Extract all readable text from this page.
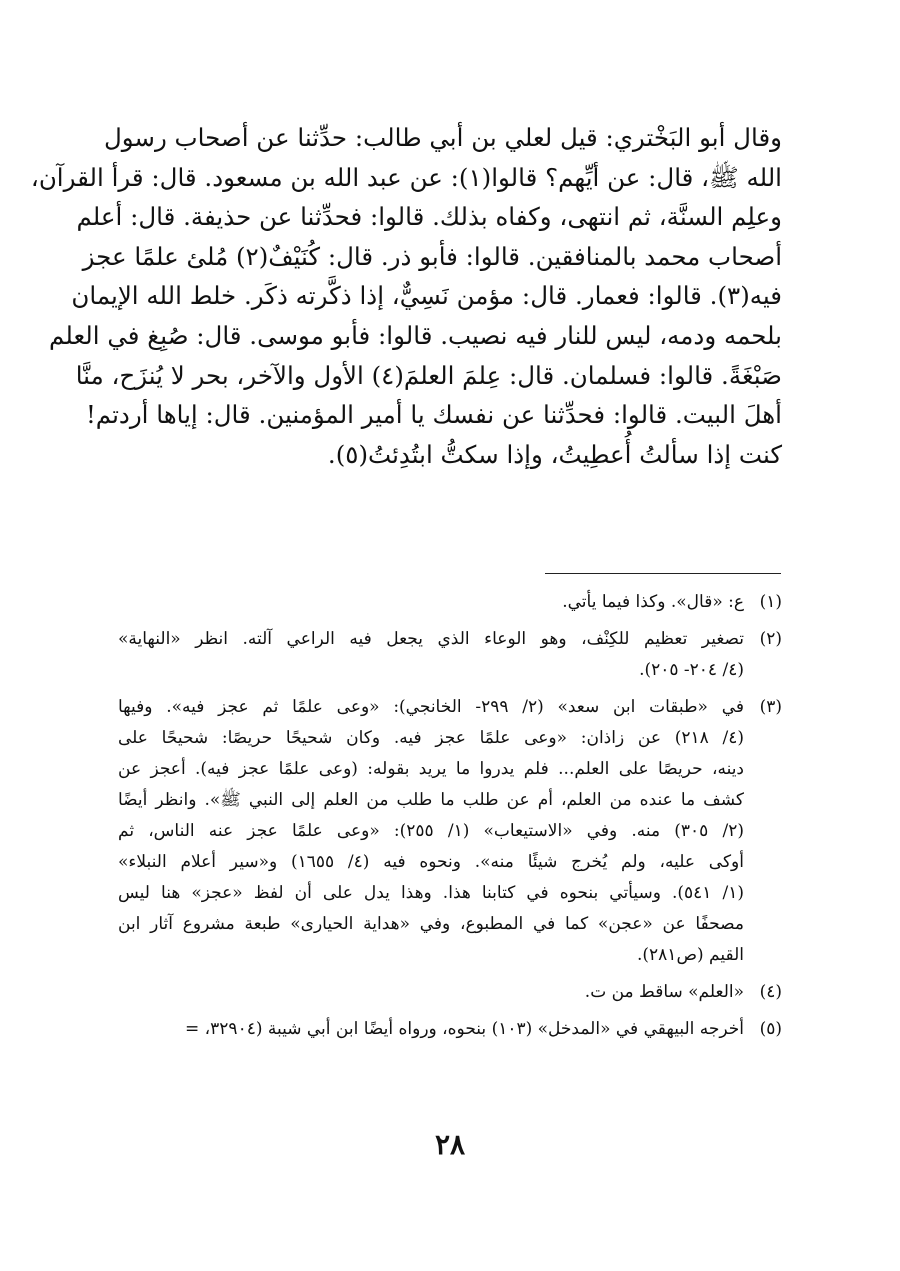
وقال أبو البَخْتري: قيل لعلي بن أبي طالب: حدِّثنا عن أصحاب رسول
الله ﷺ، قال: عن أيِّهم؟ قالوا(١): عن عبد الله بن مسعود. قال: قرأ القرآن،
وعلِم السنَّة، ثم انتهى، وكفاه بذلك. قالوا: فحدِّثنا عن حذيفة. قال: أعلم
أصحاب محمد بالمنافقين. قالوا: فأبو ذر. قال: كُنَيْفٌ(٢) مُلئ علمًا عجز
فيه(٣). قالوا: فعمار. قال: مؤمن نَسِيٌّ، إذا ذكَّرته ذكَر. خلط الله الإيمان
بلحمه ودمه، ليس للنار فيه نصيب. قالوا: فأبو موسى. قال: صُبِغ في العلم
صَبْغَةً. قالوا: فسلمان. قال: عِلمَ العلمَ(٤) الأول والآخر، بحر لا يُنزَح، منَّا
أهلَ البيت. قالوا: فحدِّثنا عن نفسك يا أمير المؤمنين. قال: إياها أردتم!
كنت إذا سألتُ أُعطِيتُ، وإذا سكتُّ ابتُدِئتُ(٥).
(١)
ع: «قال». وكذا فيما يأتي.
(٢)
تصغير تعظيم للكِنْف، وهو الوعاء الذي يجعل فيه الراعي آلته. انظر «النهاية»
(٤/ ٢٠٤- ٢٠٥).
(٣)
في «طبقات ابن سعد» (٢/ ٢٩٩- الخانجي): «وعى علمًا ثم عجز فيه». وفيها
(٤/ ٢١٨) عن زاذان: «وعى علمًا عجز فيه. وكان شحيحًا حريصًا: شحيحًا على
دينه، حريصًا على العلم... فلم يدروا ما يريد بقوله: (وعى علمًا عجز فيه). أعجز عن
كشف ما عنده من العلم، أم عن طلب ما طلب من العلم إلى النبي ﷺ». وانظر أيضًا
(٢/ ٣٠٥) منه. وفي «الاستيعاب» (١/ ٢٥٥): «وعى علمًا عجز عنه الناس، ثم
أوكى عليه، ولم يُخرج شيئًا منه». ونحوه فيه (٤/ ١٦٥٥) و«سير أعلام النبلاء»
(١/ ٥٤١). وسيأتي بنحوه في كتابنا هذا. وهذا يدل على أن لفظ «عجز» هنا ليس
مصحفًا عن «عجن» كما في المطبوع، وفي «هداية الحيارى» طبعة مشروع آثار ابن
القيم (ص٢٨١).
(٤)
«العلم» ساقط من ت.
(٥)
أخرجه البيهقي في «المدخل» (١٠٣) بنحوه، ورواه أيضًا ابن أبي شيبة (٣٢٩٠٤، =
٢٨
